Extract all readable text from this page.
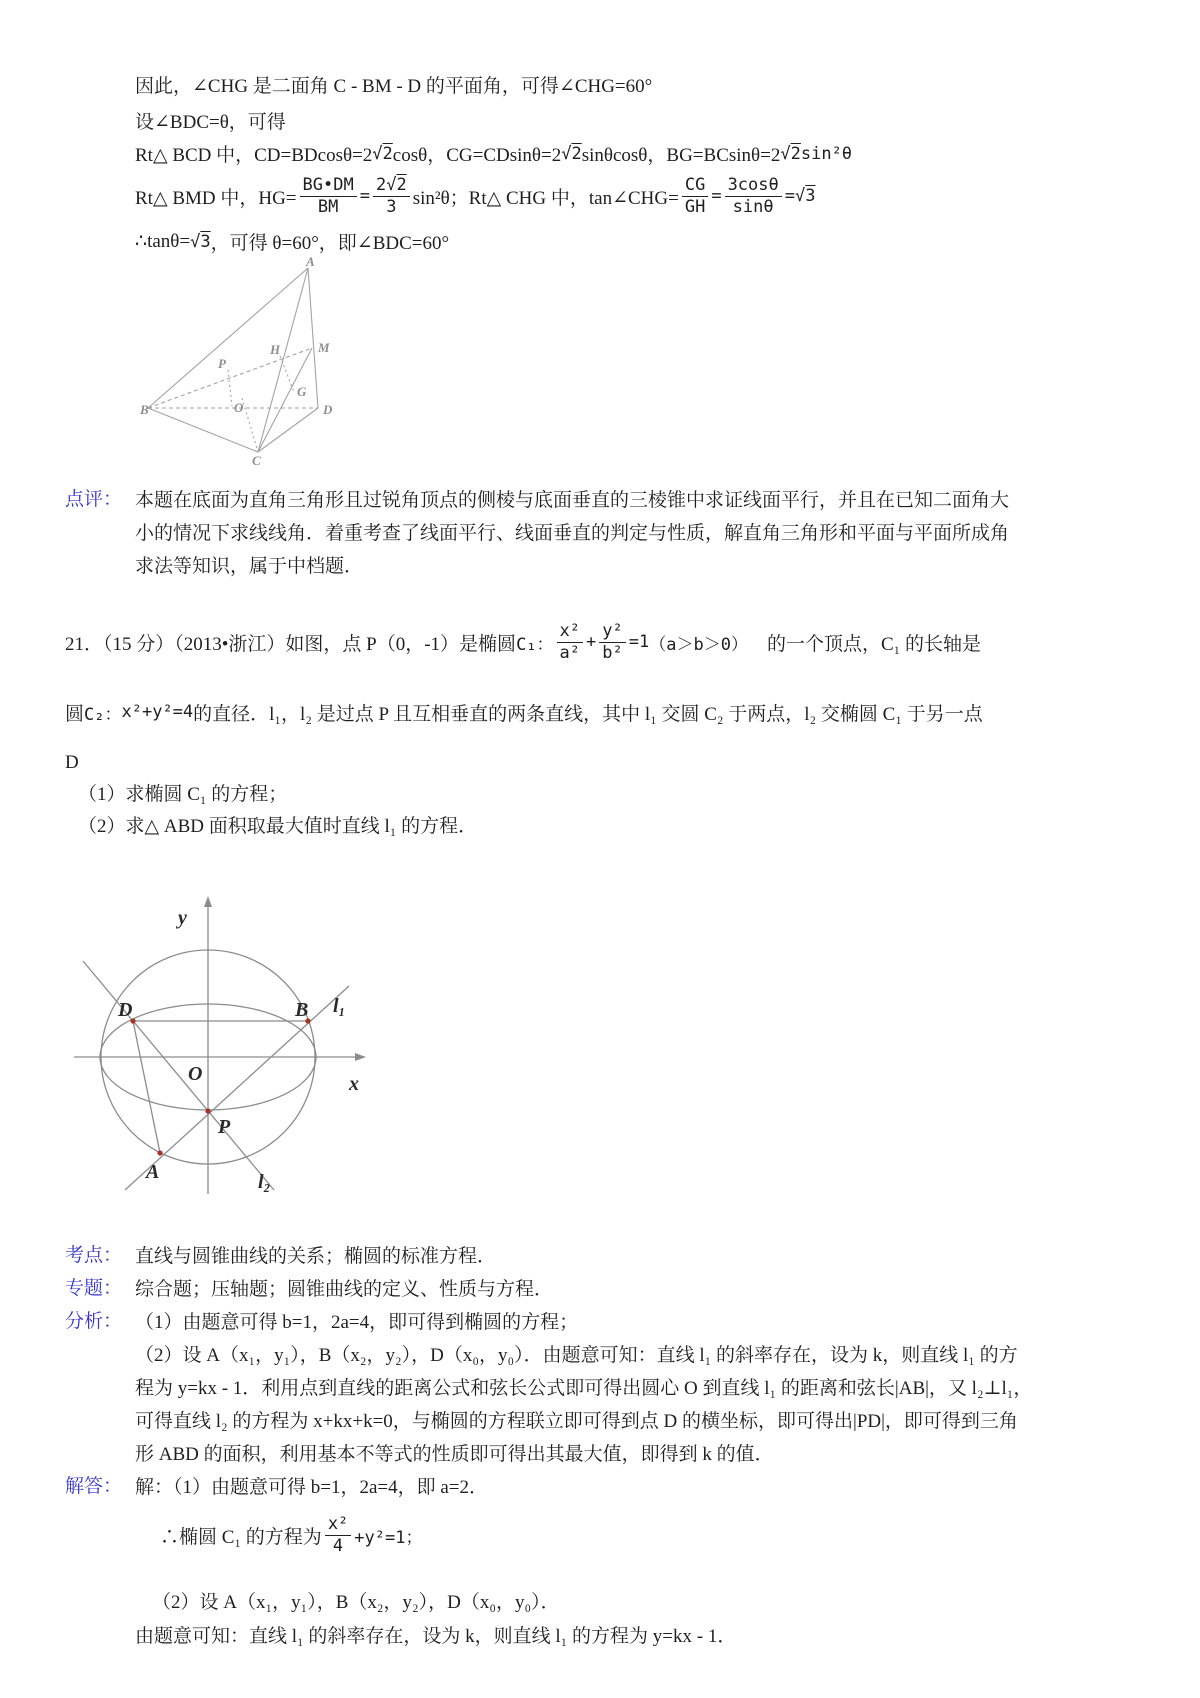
因此，∠CHG 是二面角 C - BM - D 的平面角，可得∠CHG=60°
设∠BDC=θ，可得
Rt△ BCD 中，CD=BDcosθ=2 √ 2 cosθ，CG=CDsinθ=2 √ 2 sinθcosθ，BG=BCsinθ=2 √ 2 sin²θ
Rt△ BMD 中，$HG= \frac{BG•DM}{BM} = \frac{2√2}{3} \sin^2\theta$；Rt△ CHG 中，tan∠CHG= $\frac{CG}{GH} = \frac{3\cos\theta}{\sin\theta}$ = √ 3
∴tanθ= √ 3 ，可得 θ=60°，即∠BDC=60°
A
B
C
D
M
H
P
O
G
点评： 本题在底面为直角三角形且过锐角顶点的侧棱与底面垂直的三棱锥中求证线面平行，并且在已知二面角大
小的情况下求线线角．着重考查了线面平行、线面垂直的判定与性质，解直角三角形和平面与平面所成角
求法等知识，属于中档题．
21．（15 分）（2013•浙江）如图，点 P（0，-1）是椭圆 C₁： $\frac{\text{x²}}{\text{a²}} + \frac{\text{y²}}{\text{b²}} =1$ （a＞b＞0） 　的一个顶点，C₁ 的长轴是
圆 C₂： x²+y²=4 的直径．l₁，l₂ 是过点 P 且互相垂直的两条直线，其中 l₁ 交圆 C₂ 于两点，l₂ 交椭圆 C₁ 于另一点
D
（1）求椭圆 C₁ 的方程；
（2）求△ ABD 面积取最大值时直线 l₁ 的方程．
y
x
O
D	B l₁
P
A	l₂
考点： 直线与圆锥曲线的关系；椭圆的标准方程．
专题： 综合题；压轴题；圆锥曲线的定义、性质与方程．
分析： （1）由题意可得 b=1，2a=4，即可得到椭圆的方程；
（2）设 A（x₁，y₁），B（x₂，y₂），D（x₀，y₀）．由题意可知：直线 l₁ 的斜率存在，设为 k，则直线 l₁ 的方
程为 y=kx - 1．利用点到直线的距离公式和弦长公式即可得出圆心 O 到直线 l₁ 的距离和弦长|AB|，又 l₂⊥l₁，
可得直线 l₂ 的方程为 x+kx+k=0，与椭圆的方程联立即可得到点 D 的横坐标，即可得出|PD|，即可得到三角
形 ABD 的面积，利用基本不等式的性质即可得出其最大值，即得到 k 的值．
解答： 解：（1）由题意可得 b=1，2a=4，即 a=2．
∴椭圆 C₁ 的方程为 $\frac{\text{x²}}{4} +y^2=1$；
（2）设 A（x₁，y₁），B（x₂，y₂），D（x₀，y₀）．
由题意可知：直线 l₁ 的斜率存在，设为 k，则直线 l₁ 的方程为 y=kx - 1．
